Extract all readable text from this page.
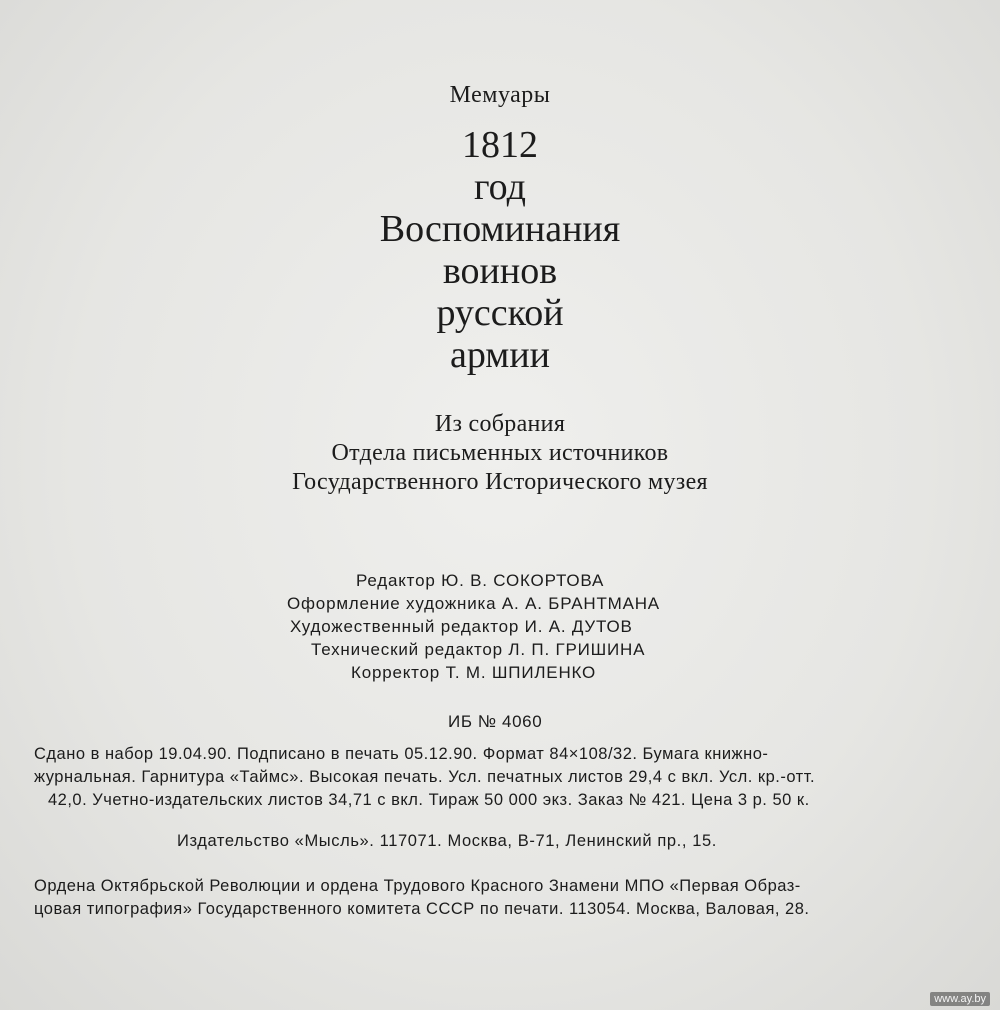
Мемуары
1812
год
Воспоминания
воинов
русской
армии
Из собрания
Отдела письменных источников
Государственного Исторического музея
Редактор Ю. В. СОКОРТОВА
Оформление художника А. А. БРАНТМАНА
Художественный редактор И. А. ДУТОВ
Технический редактор Л. П. ГРИШИНА
Корректор Т. М. ШПИЛЕНКО
ИБ № 4060
Сдано в набор 19.04.90. Подписано в печать 05.12.90. Формат 84×108/32. Бумага книжно-
журнальная. Гарнитура «Таймс». Высокая печать. Усл. печатных листов 29,4 с вкл. Усл. кр.-отт.
42,0. Учетно-издательских листов 34,71 с вкл. Тираж 50 000 экз. Заказ № 421. Цена 3 р. 50 к.
Издательство «Мысль». 117071. Москва, В-71, Ленинский пр., 15.
Ордена Октябрьской Революции и ордена Трудового Красного Знамени МПО «Первая Образ-
цовая типография» Государственного комитета СССР по печати. 113054. Москва, Валовая, 28.
www.ay.by
